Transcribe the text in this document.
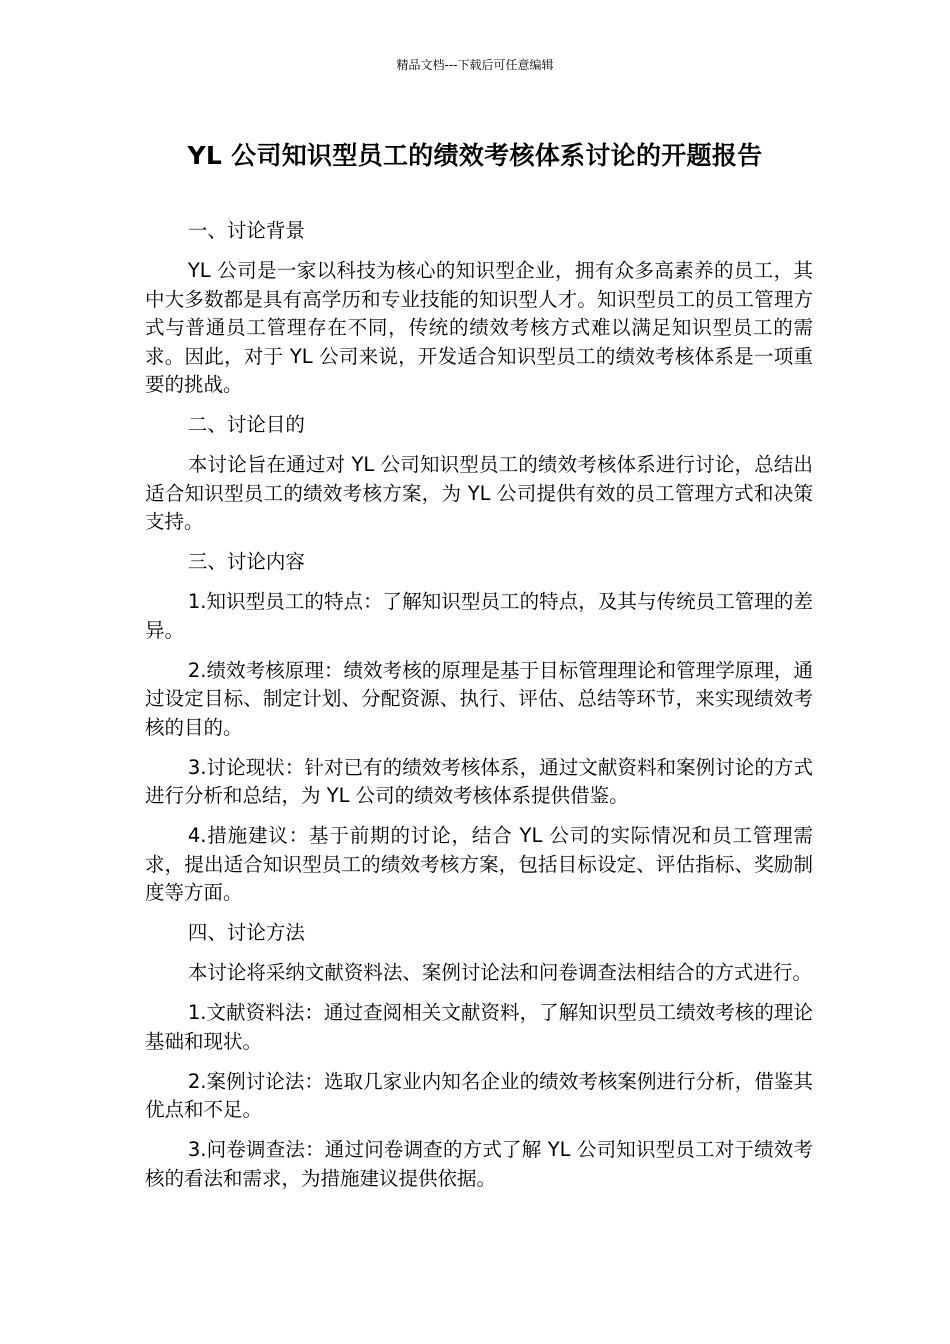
精品文档---下载后可任意编辑
YL 公司知识型员工的绩效考核体系讨论的开题报告

一、讨论背景

YL 公司是一家以科技为核心的知识型企业，拥有众多高素养的员工，其中大多数都是具有高学历和专业技能的知识型人才。知识型员工的员工管理方式与普通员工管理存在不同，传统的绩效考核方式难以满足知识型员工的需求。因此，对于 YL 公司来说，开发适合知识型员工的绩效考核体系是一项重要的挑战。

二、讨论目的

本讨论旨在通过对 YL 公司知识型员工的绩效考核体系进行讨论，总结出适合知识型员工的绩效考核方案，为 YL 公司提供有效的员工管理方式和决策支持。

三、讨论内容

1.知识型员工的特点：了解知识型员工的特点，及其与传统员工管理的差异。

2.绩效考核原理：绩效考核的原理是基于目标管理理论和管理学原理，通过设定目标、制定计划、分配资源、执行、评估、总结等环节，来实现绩效考核的目的。

3.讨论现状：针对已有的绩效考核体系，通过文献资料和案例讨论的方式进行分析和总结，为 YL 公司的绩效考核体系提供借鉴。

4.措施建议：基于前期的讨论，结合 YL 公司的实际情况和员工管理需求，提出适合知识型员工的绩效考核方案，包括目标设定、评估指标、奖励制度等方面。

四、讨论方法

本讨论将采纳文献资料法、案例讨论法和问卷调查法相结合的方式进行。

1.文献资料法：通过查阅相关文献资料，了解知识型员工绩效考核的理论基础和现状。

2.案例讨论法：选取几家业内知名企业的绩效考核案例进行分析，借鉴其优点和不足。

3.问卷调查法：通过问卷调查的方式了解 YL 公司知识型员工对于绩效考核的看法和需求，为措施建议提供依据。
